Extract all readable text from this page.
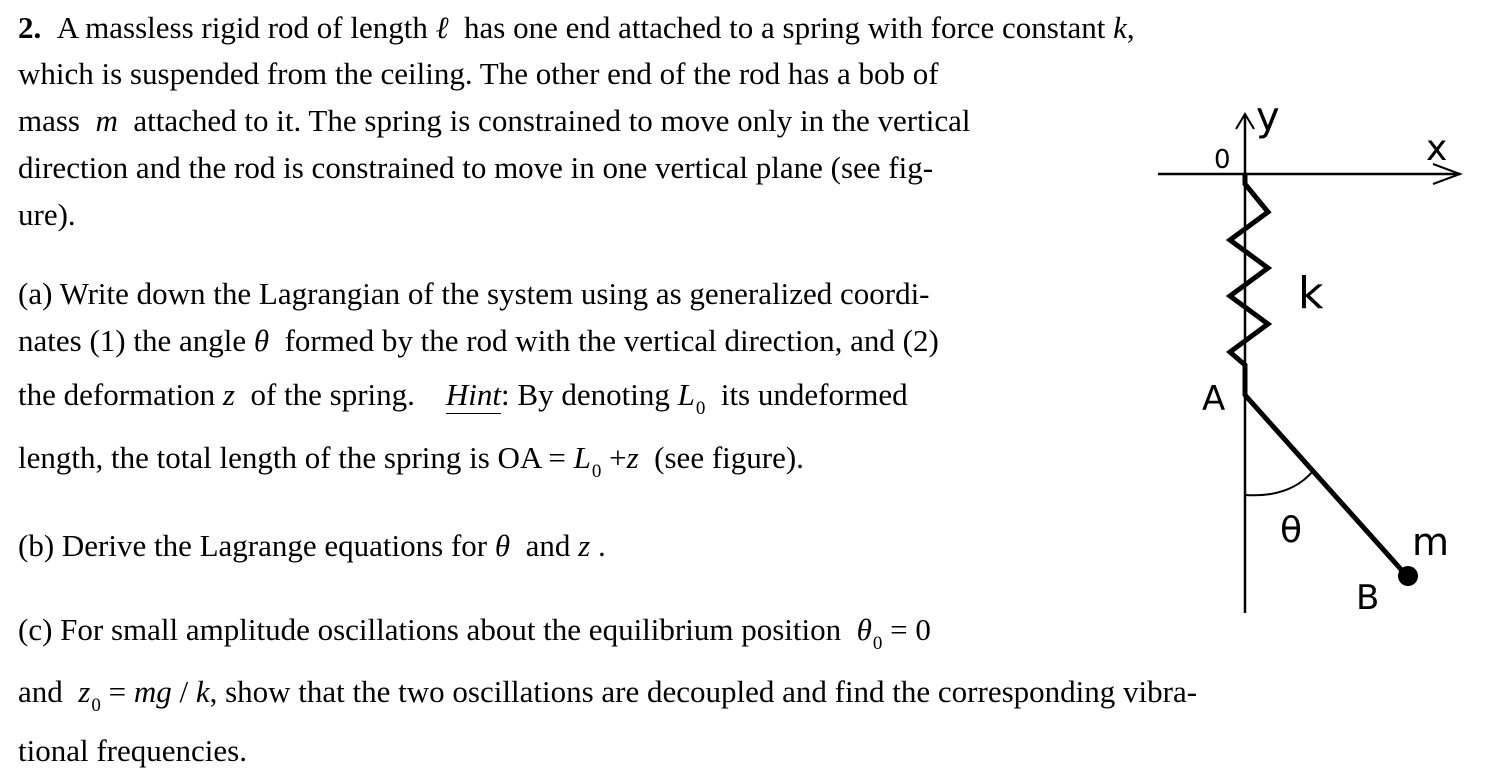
2. A massless rigid rod of length ℓ has one end attached to a spring with force constant k,
which is suspended from the ceiling. The other end of the rod has a bob of
mass m attached to it. The spring is constrained to move only in the vertical
direction and the rod is constrained to move in one vertical plane (see fig-
ure).
(a) Write down the Lagrangian of the system using as generalized coordi-
nates (1) the angle θ formed by the rod with the vertical direction, and (2)
the deformation z of the spring. Hint: By denoting $L_0$ its undeformed
length, the total length of the spring is OA = $L_0 +z$ (see figure).
(b) Derive the Lagrange equations for θ and z .
(c) For small amplitude oscillations about the equilibrium position $\theta_0 = 0$
and $z_0$ = mg / k, show that the two oscillations are decoupled and find the corresponding vibra-
tional frequencies.
0
y
x
k
A
θ	m
B
